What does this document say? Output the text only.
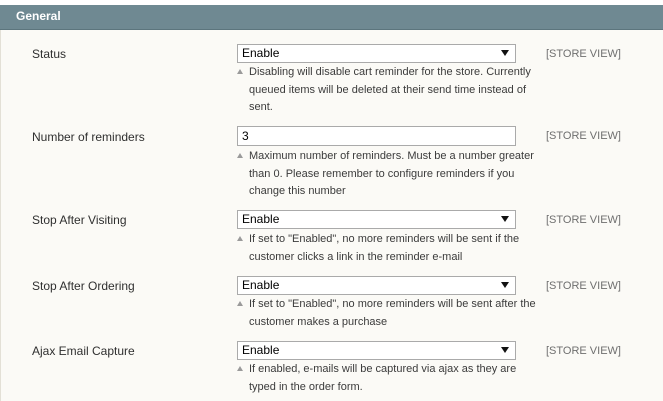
General
Status	Enable
Disabling will disable cart reminder for the store. Currently
queued items will be deleted at their send time instead of
sent.
[STORE VIEW]
Number of reminders
3
Maximum number of reminders. Must be a number greater
than 0. Please remember to configure reminders if you
change this number
[STORE VIEW]
Stop After Visiting	Enable
If set to "Enabled", no more reminders will be sent if the
customer clicks a link in the reminder e-mail
[STORE VIEW]
Stop After Ordering	Enable
If set to "Enabled", no more reminders will be sent after the
customer makes a purchase
[STORE VIEW]
Ajax Email Capture	Enable
If enabled, e-mails will be captured via ajax as they are
typed in the order form.
[STORE VIEW]
